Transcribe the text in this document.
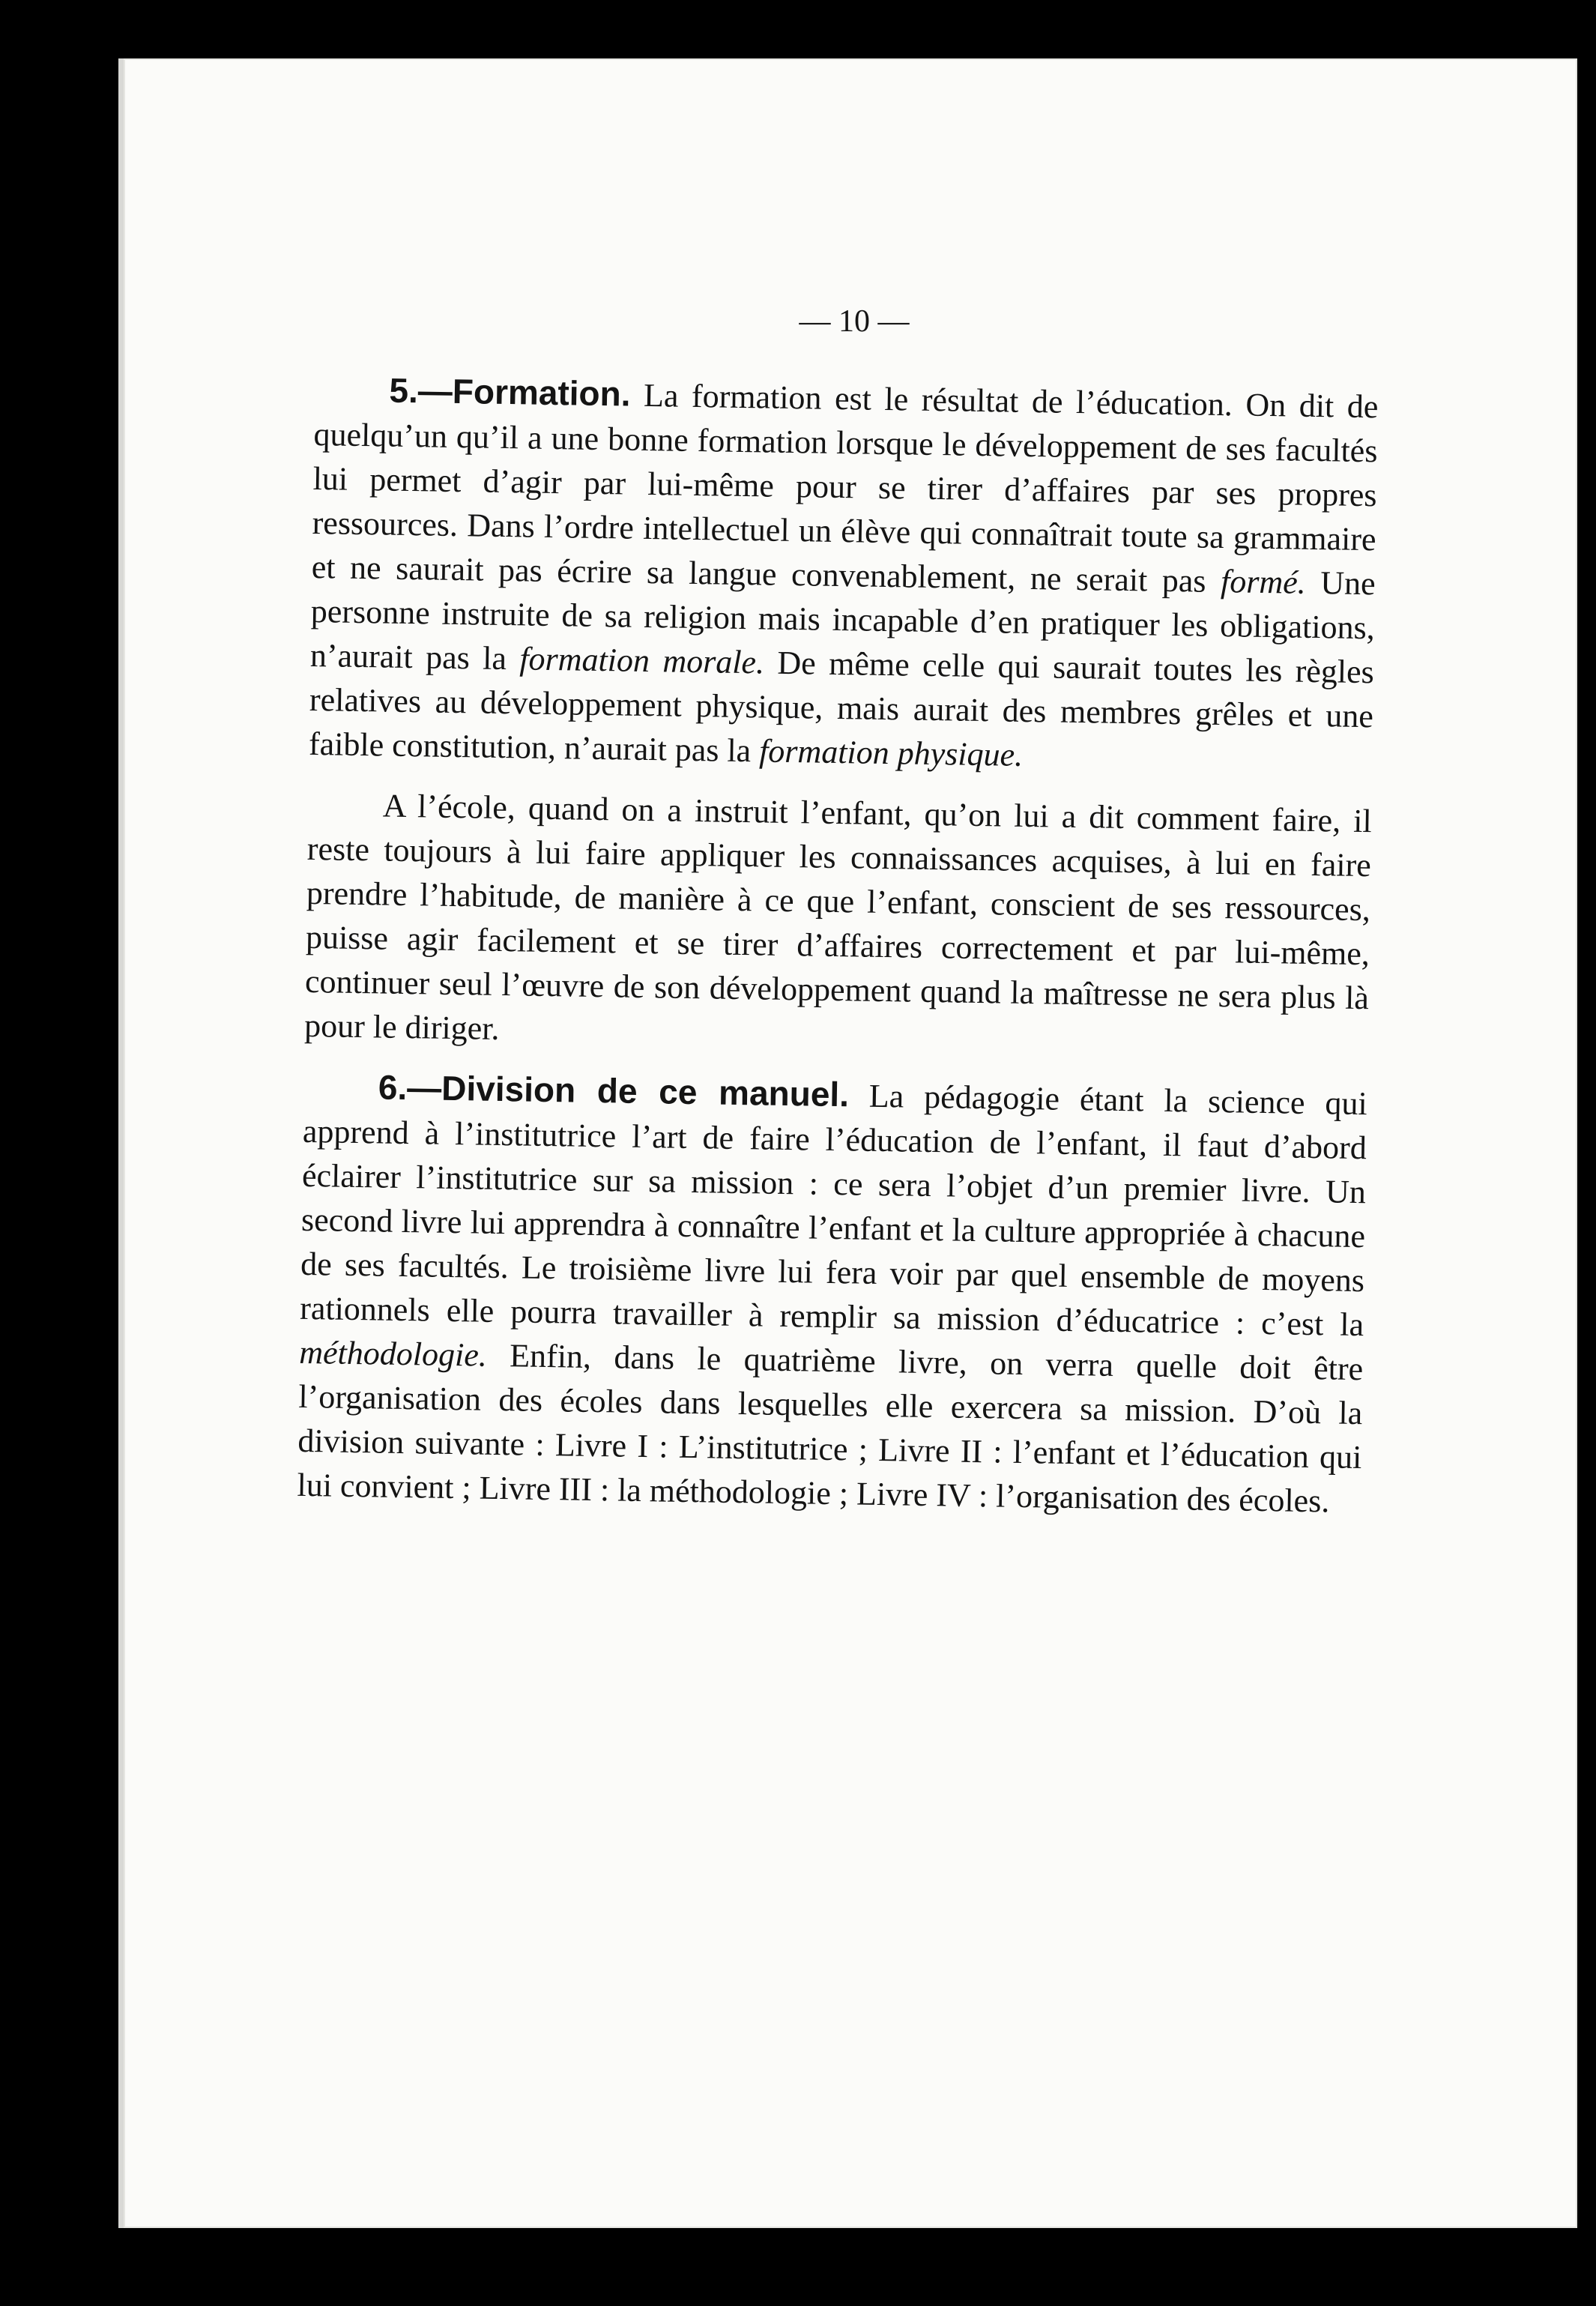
— 10 —

5.—Formation. La formation est le résultat de l’éducation. On dit de quelqu’un qu’il a une bonne formation lorsque le développement de ses facultés lui permet d’agir par lui-même pour se tirer d’affaires par ses propres ressources. Dans l’ordre intellectuel un élève qui connaîtrait toute sa grammaire et ne saurait pas écrire sa langue convenablement, ne serait pas formé. Une personne instruite de sa religion mais incapable d’en pratiquer les obligations, n’aurait pas la formation morale. De même celle qui saurait toutes les règles relatives au développement physique, mais aurait des membres grêles et une faible constitution, n’aurait pas la formation physique.

A l’école, quand on a instruit l’enfant, qu’on lui a dit comment faire, il reste toujours à lui faire appliquer les connaissances acquises, à lui en faire prendre l’habitude, de manière à ce que l’enfant, conscient de ses ressources, puisse agir facilement et se tirer d’affaires correctement et par lui-même, continuer seul l’œuvre de son développement quand la maîtresse ne sera plus là pour le diriger.

6.—Division de ce manuel. La pédagogie étant la science qui apprend à l’institutrice l’art de faire l’éducation de l’enfant, il faut d’abord éclairer l’institutrice sur sa mission : ce sera l’objet d’un premier livre. Un second livre lui apprendra à connaître l’enfant et la culture appropriée à chacune de ses facultés. Le troisième livre lui fera voir par quel ensemble de moyens rationnels elle pourra travailler à remplir sa mission d’éducatrice : c’est la méthodologie. Enfin, dans le quatrième livre, on verra quelle doit être l’organisation des écoles dans lesquelles elle exercera sa mission. D’où la division suivante : Livre I : L’institutrice ; Livre II : l’enfant et l’éducation qui lui convient ; Livre III : la méthodologie ; Livre IV : l’organisation des écoles.
